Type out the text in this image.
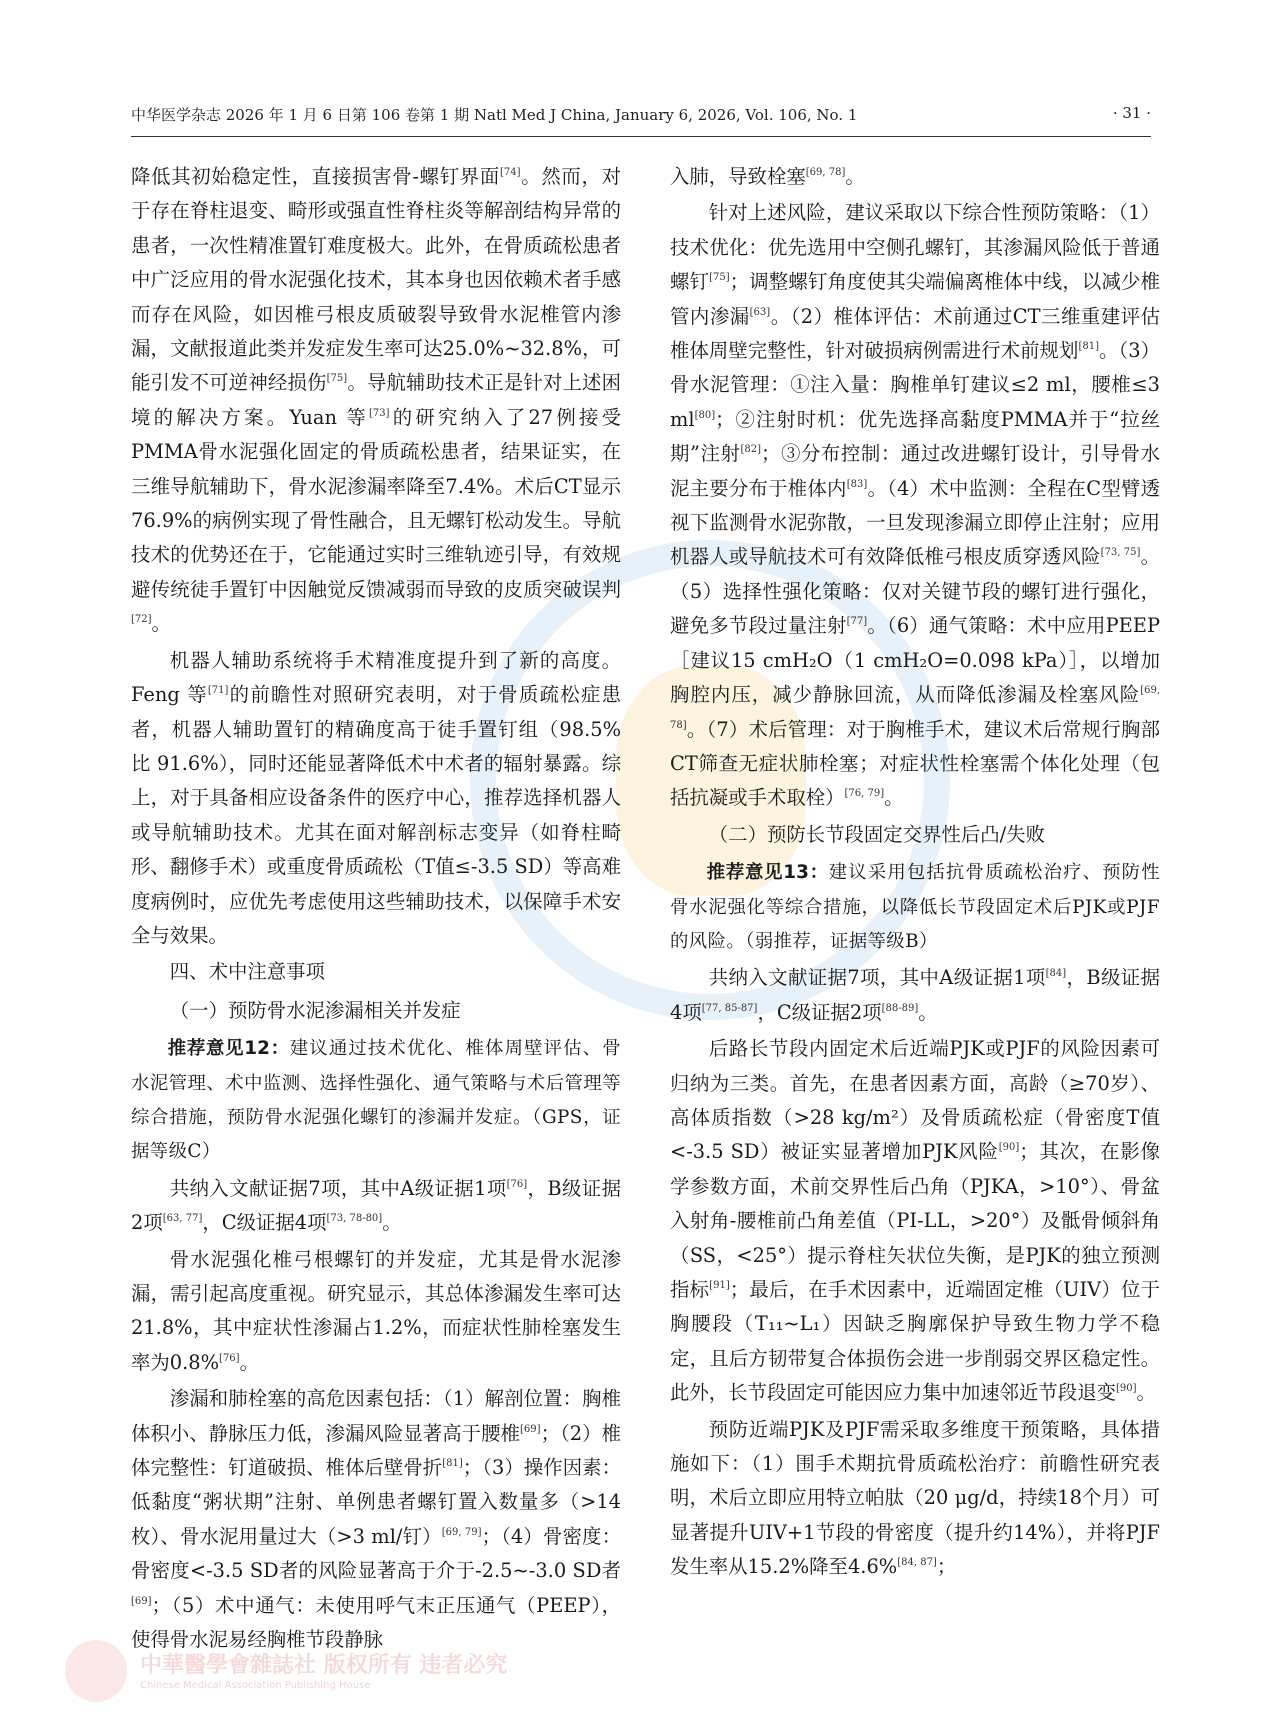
中华医学杂志 2026 年 1 月 6 日第 106 卷第 1 期 Natl Med J China, January 6, 2026, Vol. 106, No. 1	· 31 ·

降低其初始稳定性，直接损害骨-螺钉界面[74]。然而，对于存在脊柱退变、畸形或强直性脊柱炎等解剖结构异常的患者，一次性精准置钉难度极大。此外，在骨质疏松患者中广泛应用的骨水泥强化技术，其本身也因依赖术者手感而存在风险，如因椎弓根皮质破裂导致骨水泥椎管内渗漏，文献报道此类并发症发生率可达25.0%~32.8%，可能引发不可逆神经损伤[75]。导航辅助技术正是针对上述困境的解决方案。Yuan 等[73]的研究纳入了27例接受PMMA骨水泥强化固定的骨质疏松患者，结果证实，在三维导航辅助下，骨水泥渗漏率降至7.4%。术后CT显示76.9%的病例实现了骨性融合，且无螺钉松动发生。导航技术的优势还在于，它能通过实时三维轨迹引导，有效规避传统徒手置钉中因触觉反馈减弱而导致的皮质突破误判[72]。

机器人辅助系统将手术精准度提升到了新的高度。Feng 等[71]的前瞻性对照研究表明，对于骨质疏松症患者，机器人辅助置钉的精确度高于徒手置钉组（98.5% 比 91.6%），同时还能显著降低术中术者的辐射暴露。综上，对于具备相应设备条件的医疗中心，推荐选择机器人或导航辅助技术。尤其在面对解剖标志变异（如脊柱畸形、翻修手术）或重度骨质疏松（T值≤-3.5 SD）等高难度病例时，应优先考虑使用这些辅助技术，以保障手术安全与效果。

四、术中注意事项

（一）预防骨水泥渗漏相关并发症

推荐意见12：建议通过技术优化、椎体周壁评估、骨水泥管理、术中监测、选择性强化、通气策略与术后管理等综合措施，预防骨水泥强化螺钉的渗漏并发症。（GPS，证据等级C）

共纳入文献证据7项，其中A级证据1项[76]，B级证据2项[63, 77]，C级证据4项[73, 78-80]。

骨水泥强化椎弓根螺钉的并发症，尤其是骨水泥渗漏，需引起高度重视。研究显示，其总体渗漏发生率可达21.8%，其中症状性渗漏占1.2%，而症状性肺栓塞发生率为0.8%[76]。

渗漏和肺栓塞的高危因素包括：（1）解剖位置：胸椎体积小、静脉压力低，渗漏风险显著高于腰椎[69]；（2）椎体完整性：钉道破损、椎体后壁骨折[81]；（3）操作因素：低黏度“粥状期”注射、单例患者螺钉置入数量多（>14枚）、骨水泥用量过大（>3 ml/钉）[69, 79]；（4）骨密度：骨密度<-3.5 SD者的风险显著高于介于-2.5~-3.0 SD者[69]；（5）术中通气：未使用呼气末正压通气（PEEP），使得骨水泥易经胸椎节段静脉

入肺，导致栓塞[69, 78]。

针对上述风险，建议采取以下综合性预防策略：（1）技术优化：优先选用中空侧孔螺钉，其渗漏风险低于普通螺钉[75]；调整螺钉角度使其尖端偏离椎体中线，以减少椎管内渗漏[63]。（2）椎体评估：术前通过CT三维重建评估椎体周壁完整性，针对破损病例需进行术前规划[81]。（3）骨水泥管理：①注入量：胸椎单钉建议≤2 ml，腰椎≤3 ml[80]；②注射时机：优先选择高黏度PMMA并于“拉丝期”注射[82]；③分布控制：通过改进螺钉设计，引导骨水泥主要分布于椎体内[83]。（4）术中监测：全程在C型臂透视下监测骨水泥弥散，一旦发现渗漏立即停止注射；应用机器人或导航技术可有效降低椎弓根皮质穿透风险[73, 75]。（5）选择性强化策略：仅对关键节段的螺钉进行强化，避免多节段过量注射[77]。（6）通气策略：术中应用PEEP［建议15 cmH₂O（1 cmH₂O=0.098 kPa）］，以增加胸腔内压，减少静脉回流，从而降低渗漏及栓塞风险[69, 78]。（7）术后管理：对于胸椎手术，建议术后常规行胸部CT筛查无症状肺栓塞；对症状性栓塞需个体化处理（包括抗凝或手术取栓）[76, 79]。

（二）预防长节段固定交界性后凸/失败

推荐意见13：建议采用包括抗骨质疏松治疗、预防性骨水泥强化等综合措施，以降低长节段固定术后PJK或PJF的风险。（弱推荐，证据等级B）

共纳入文献证据7项，其中A级证据1项[84]，B级证据4项[77, 85-87]，C级证据2项[88-89]。

后路长节段内固定术后近端PJK或PJF的风险因素可归纳为三类。首先，在患者因素方面，高龄（≥70岁）、高体质指数（>28 kg/m²）及骨质疏松症（骨密度T值<-3.5 SD）被证实显著增加PJK风险[90]；其次，在影像学参数方面，术前交界性后凸角（PJKA，>10°）、骨盆入射角-腰椎前凸角差值（PI-LL，>20°）及骶骨倾斜角（SS，<25°）提示脊柱矢状位失衡，是PJK的独立预测指标[91]；最后，在手术因素中，近端固定椎（UIV）位于胸腰段（T₁₁~L₁）因缺乏胸廓保护导致生物力学不稳定，且后方韧带复合体损伤会进一步削弱交界区稳定性。此外，长节段固定可能因应力集中加速邻近节段退变[90]。

预防近端PJK及PJF需采取多维度干预策略，具体措施如下：（1）围手术期抗骨质疏松治疗：前瞻性研究表明，术后立即应用特立帕肽（20 μg/d，持续18个月）可显著提升UIV+1节段的骨密度（提升约14%），并将PJF发生率从15.2%降至4.6%[84, 87]；

中華醫學會雜誌社 版权所有 违者必究
Chinese Medical Association Publishing House
